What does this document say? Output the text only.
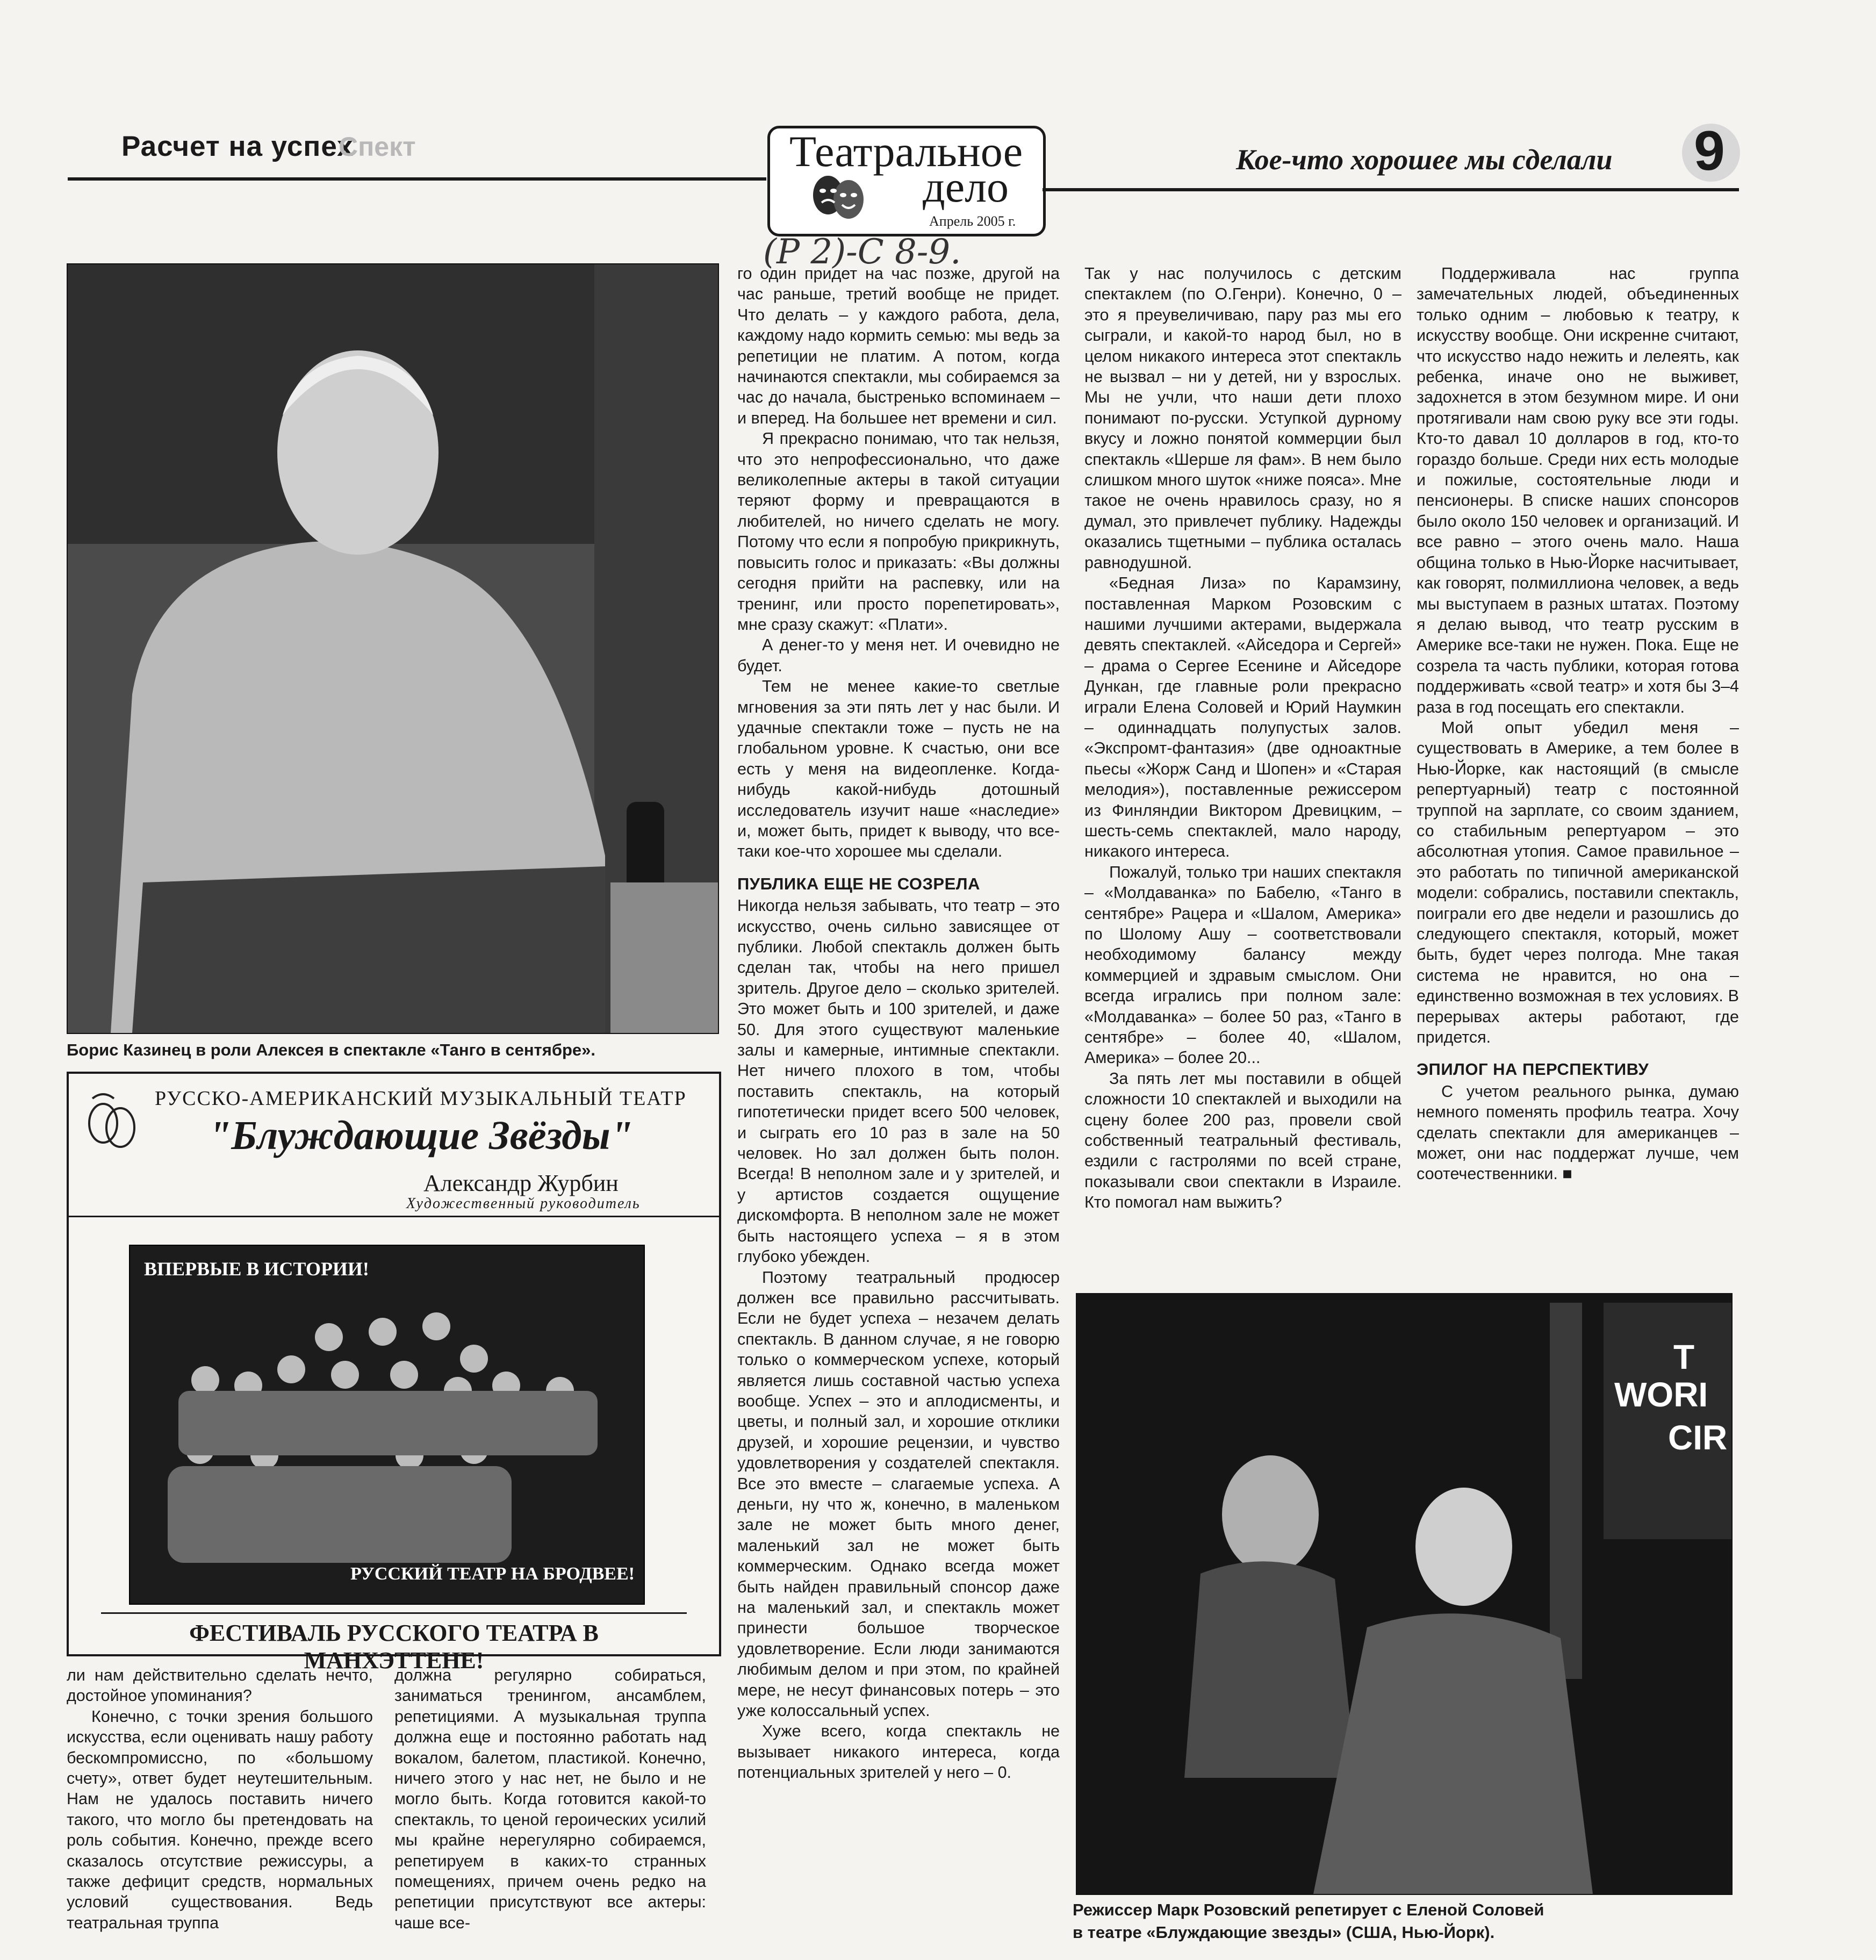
Расчет на успех
Спект	Театральное
дело
Апрель 2005 г.
(Р 2)-С 8-9.
Кое-что хорошее мы сделали 9
Борис Казинец в роли Алексея в спектакле «Танго в сентябре».
РУССКО-АМЕРИКАНСКИЙ МУЗЫКАЛЬНЫЙ ТЕАТР
"Блуждающие Звёзды"
Александр Журбин
Художественный руководитель
ВПЕРВЫЕ В ИСТОРИИ!
РУССКИЙ ТЕАТР НА БРОДВЕЕ!
ФЕСТИВАЛЬ РУССКОГО ТЕАТРА В МАНХЭТТЕНЕ!

ли нам действительно сделать нечто, достойное упоминания?

Конечно, с точки зрения большого искусства, если оценивать нашу работу бескомпромиссно, по «большому счету», ответ будет неутешительным. Нам не удалось поставить ничего такого, что могло бы претендовать на роль события. Конечно, прежде всего сказалось отсутствие режиссуры, а также дефицит средств, нормальных условий существования. Ведь театральная труппа

должна регулярно собираться, заниматься тренингом, ансамблем, репетициями. А музыкальная труппа должна еще и постоянно работать над вокалом, балетом, пластикой. Конечно, ничего этого у нас нет, не было и не могло быть. Когда готовится какой-то спектакль, то ценой героических усилий мы крайне нерегулярно собираемся, репетируем в каких-то странных помещениях, причем очень редко на репетиции присутствуют все актеры: чаше все-

го один придет на час позже, другой на час раньше, третий вообще не придет. Что делать – у каждого работа, дела, каждому надо кормить семью: мы ведь за репетиции не платим. А потом, когда начинаются спектакли, мы собираемся за час до начала, быстренько вспоминаем – и вперед. На большее нет времени и сил.

Я прекрасно понимаю, что так нельзя, что это непрофессионально, что даже великолепные актеры в такой ситуации теряют форму и превращаются в любителей, но ничего сделать не могу. Потому что если я попробую прикрикнуть, повысить голос и приказать: «Вы должны сегодня прийти на распевку, или на тренинг, или просто порепетировать», мне сразу скажут: «Плати».

А денег-то у меня нет. И очевидно не будет.

Тем не менее какие-то светлые мгновения за эти пять лет у нас были. И удачные спектакли тоже – пусть не на глобальном уровне. К счастью, они все есть у меня на видеопленке. Когда-нибудь какой-нибудь дотошный исследователь изучит наше «наследие» и, может быть, придет к выводу, что все-таки кое-что хорошее мы сделали.

ПУБЛИКА ЕЩЕ НЕ СОЗРЕЛА

Никогда нельзя забывать, что театр – это искусство, очень сильно зависящее от публики. Любой спектакль должен быть сделан так, чтобы на него пришел зритель. Другое дело – сколько зрителей. Это может быть и 100 зрителей, и даже 50. Для этого существуют маленькие залы и камерные, интимные спектакли. Нет ничего плохого в том, чтобы поставить спектакль, на который гипотетически придет всего 500 человек, и сыграть его 10 раз в зале на 50 человек. Но зал должен быть полон. Всегда! В неполном зале и у зрителей, и у артистов создается ощущение дискомфорта. В неполном зале не может быть настоящего успеха – я в этом глубоко убежден.

Поэтому театральный продюсер должен все правильно рассчитывать. Если не будет успеха – незачем делать спектакль. В данном случае, я не говорю только о коммерческом успехе, который является лишь составной частью успеха вообще. Успех – это и аплодисменты, и цветы, и полный зал, и хорошие отклики друзей, и хорошие рецензии, и чувство удовлетворения у создателей спектакля. Все это вместе – слагаемые успеха. А деньги, ну что ж, конечно, в маленьком зале не может быть много денег, маленький зал не может быть коммерческим. Однако всегда может быть найден правильный спонсор даже на маленький зал, и спектакль может принести большое творческое удовлетворение. Если люди занимаются любимым делом и при этом, по крайней мере, не несут финансовых потерь – это уже колоссальный успех.

Хуже всего, когда спектакль не вызывает никакого интереса, когда потенциальных зрителей у него – 0.

Так у нас получилось с детским спектаклем (по О.Генри). Конечно, 0 – это я преувеличиваю, пару раз мы его сыграли, и какой-то народ был, но в целом никакого интереса этот спектакль не вызвал – ни у детей, ни у взрослых. Мы не учли, что наши дети плохо понимают по-русски. Уступкой дурному вкусу и ложно понятой коммерции был спектакль «Шерше ля фам». В нем было слишком много шуток «ниже пояса». Мне такое не очень нравилось сразу, но я думал, это привлечет публику. Надежды оказались тщетными – публика осталась равнодушной.

«Бедная Лиза» по Карамзину, поставленная Марком Розовским с нашими лучшими актерами, выдержала девять спектаклей. «Айседора и Сергей» – драма о Сергее Есенине и Айседоре Дункан, где главные роли прекрасно играли Елена Соловей и Юрий Наумкин – одиннадцать полупустых залов. «Экспромт-фантазия» (две одноактные пьесы «Жорж Санд и Шопен» и «Старая мелодия»), поставленные режиссером из Финляндии Виктором Древицким, – шесть-семь спектаклей, мало народу, никакого интереса.

Пожалуй, только три наших спектакля – «Молдаванка» по Бабелю, «Танго в сентябре» Рацера и «Шалом, Америка» по Шолому Ашу – соответствовали необходимому балансу между коммерцией и здравым смыслом. Они всегда игрались при полном зале: «Молдаванка» – более 50 раз, «Танго в сентябре» – более 40, «Шалом, Америка» – более 20...

За пять лет мы поставили в общей сложности 10 спектаклей и выходили на сцену более 200 раз, провели свой собственный театральный фестиваль, ездили с гастролями по всей стране, показывали свои спектакли в Израиле. Кто помогал нам выжить?

Поддерживала нас группа замечательных людей, объединенных только одним – любовью к театру, к искусству вообще. Они искренне считают, что искусство надо нежить и лелеять, как ребенка, иначе оно не выживет, задохнется в этом безумном мире. И они протягивали нам свою руку все эти годы. Кто-то давал 10 долларов в год, кто-то гораздо больше. Среди них есть молодые и пожилые, состоятельные люди и пенсионеры. В списке наших спонсоров было около 150 человек и организаций. И все равно – этого очень мало. Наша община только в Нью-Йорке насчитывает, как говорят, полмиллиона человек, а ведь мы выступаем в разных штатах. Поэтому я делаю вывод, что театр русским в Америке все-таки не нужен. Пока. Еще не созрела та часть публики, которая готова поддерживать «свой театр» и хотя бы 3–4 раза в год посещать его спектакли.

Мой опыт убедил меня – существовать в Америке, а тем более в Нью-Йорке, как настоящий (в смысле репертуарный) театр с постоянной труппой на зарплате, со своим зданием, со стабильным репертуаром – это абсолютная утопия. Самое правильное – это работать по типичной американской модели: собрались, поставили спектакль, поиграли его две недели и разошлись до следующего спектакля, который, может быть, будет через полгода. Мне такая система не нравится, но она – единственно возможная в тех условиях. В перерывах актеры работают, где придется.

ЭПИЛОГ НА ПЕРСПЕКТИВУ

С учетом реального рынка, думаю немного поменять профиль театра. Хочу сделать спектакли для американцев – может, они нас поддержат лучше, чем соотечественники. ■

T
WORI
CIR
Режиссер Марк Розовский репетирует с Еленой Соловей
в театре «Блуждающие звезды» (США, Нью-Йорк).
